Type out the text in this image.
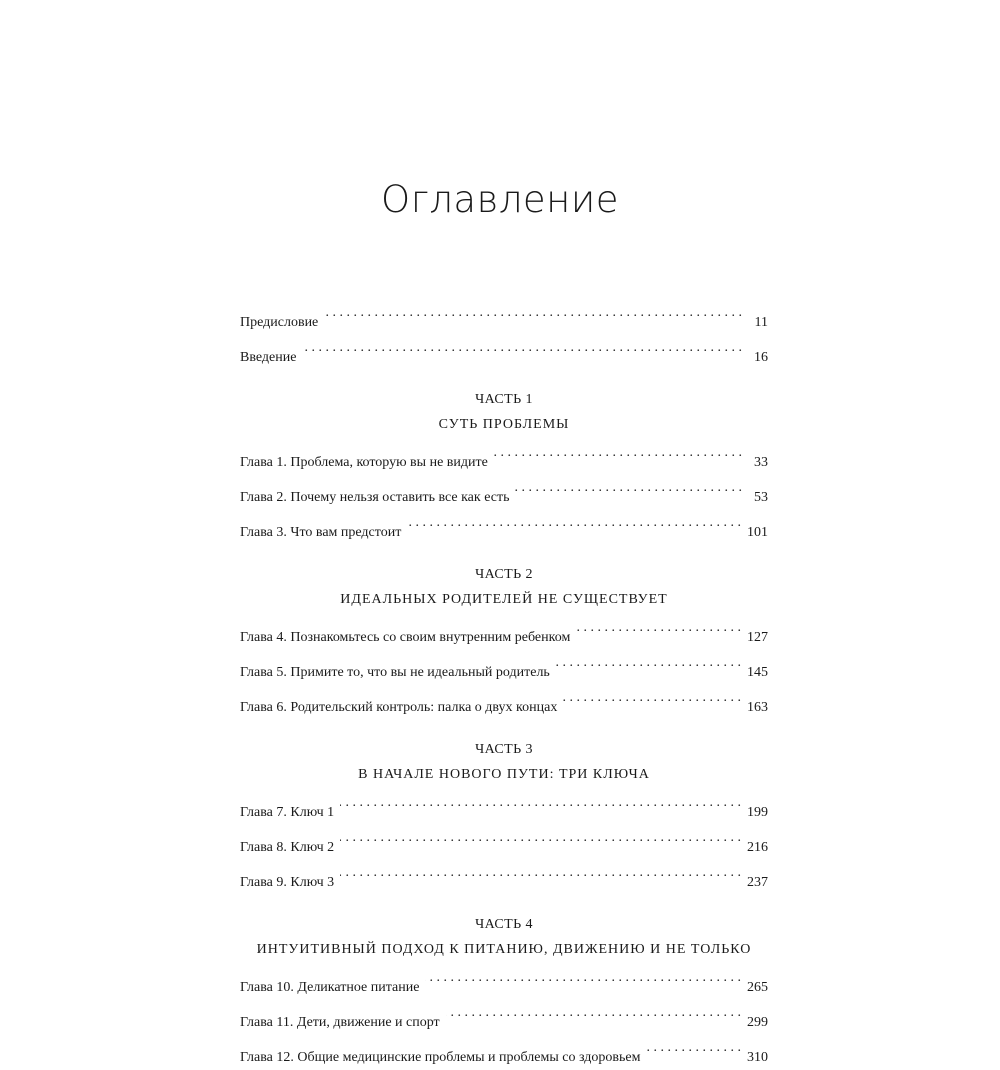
Оглавление
Предисловие . . .	11
Введение . . .	16
ЧАСТЬ 1
СУТЬ ПРОБЛЕМЫ
Глава 1. Проблема, которую вы не видите . . .	33
Глава 2. Почему нельзя оставить все как есть . . .	53
Глава 3. Что вам предстоит . . .	101
ЧАСТЬ 2
ИДЕАЛЬНЫХ РОДИТЕЛЕЙ НЕ СУЩЕСТВУЕТ
Глава 4. Познакомьтесь со своим внутренним ребенком . . .	127
Глава 5. Примите то, что вы не идеальный родитель . . .	145
Глава 6. Родительский контроль: палка о двух концах . . .	163
ЧАСТЬ 3
В НАЧАЛЕ НОВОГО ПУТИ: ТРИ КЛЮЧА
Глава 7. Ключ 1 . . .	199
Глава 8. Ключ 2 . . .	216
Глава 9. Ключ 3 . . .	237
ЧАСТЬ 4
ИНТУИТИВНЫЙ ПОДХОД К ПИТАНИЮ, ДВИЖЕНИЮ И НЕ ТОЛЬКО
Глава 10. Деликатное питание . . .	265
Глава 11. Дети, движение и спорт . . .	299
Глава 12. Общие медицинские проблемы и проблемы со здоровьем . . .	310
